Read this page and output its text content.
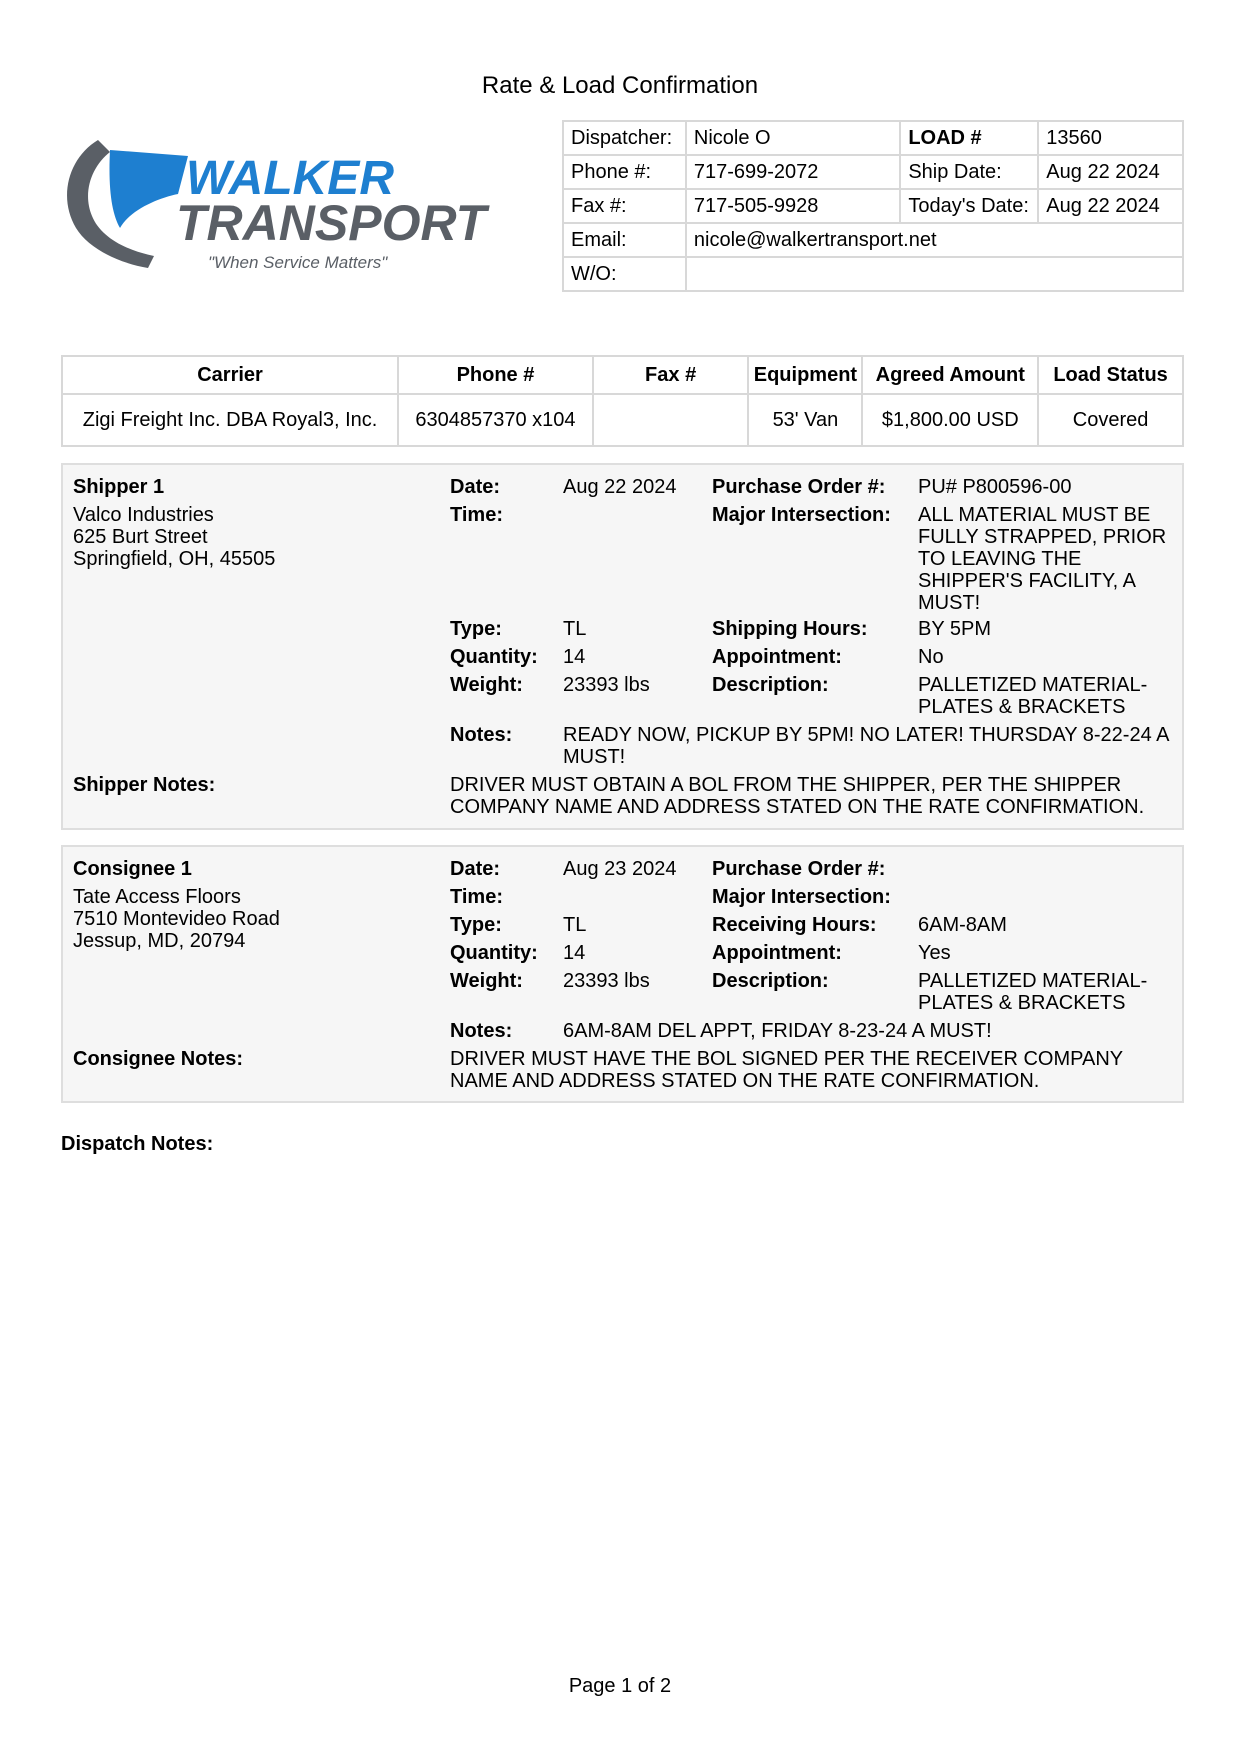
Rate & Load Confirmation
WALKER
TRANSPORT
"When Service Matters"
Dispatcher:	Nicole O	LOAD #	13560
Phone #:	717-699-2072	Ship Date:	Aug 22 2024
Fax #:	717-505-9928	Today's Date:	Aug 22 2024
Email:	nicole@walkertransport.net		
W/O:			
Carrier	Phone #	Fax #	Equipment	Agreed Amount	Load Status
Zigi Freight Inc. DBA Royal3, Inc.	6304857370 x104		53' Van	$1,800.00 USD	Covered
Shipper 1
Valco Industries
625 Burt Street
Springfield, OH, 45505
Date:	Aug 22 2024
Time:
Type:	TL
Quantity: 14
Weight: 23393 lbs
Purchase Order #: PU# P800596-00
Major Intersection: ALL MATERIAL MUST BE FULLY STRAPPED, PRIOR TO LEAVING THE SHIPPER'S FACILITY, A MUST!
Shipping Hours:	BY 5PM
Appointment:	No
Description:	PALLETIZED MATERIAL-PLATES & BRACKETS
Notes:	READY NOW, PICKUP BY 5PM! NO LATER! THURSDAY 8-22-24 A MUST!
Shipper Notes:	DRIVER MUST OBTAIN A BOL FROM THE SHIPPER, PER THE SHIPPER COMPANY NAME AND ADDRESS STATED ON THE RATE CONFIRMATION.
Consignee 1
Tate Access Floors
7510 Montevideo Road
Jessup, MD, 20794
Date:	Aug 23 2024
Time:
Type:	TL
Quantity: 14
Weight: 23393 lbs
Purchase Order #:
Major Intersection:
Receiving Hours: 6AM-8AM
Appointment:	Yes
Description:	PALLETIZED MATERIAL-PLATES & BRACKETS
Notes:	6AM-8AM DEL APPT, FRIDAY 8-23-24 A MUST!
Consignee Notes:	DRIVER MUST HAVE THE BOL SIGNED PER THE RECEIVER COMPANY NAME AND ADDRESS STATED ON THE RATE CONFIRMATION.
Dispatch Notes:
Page 1 of 2
